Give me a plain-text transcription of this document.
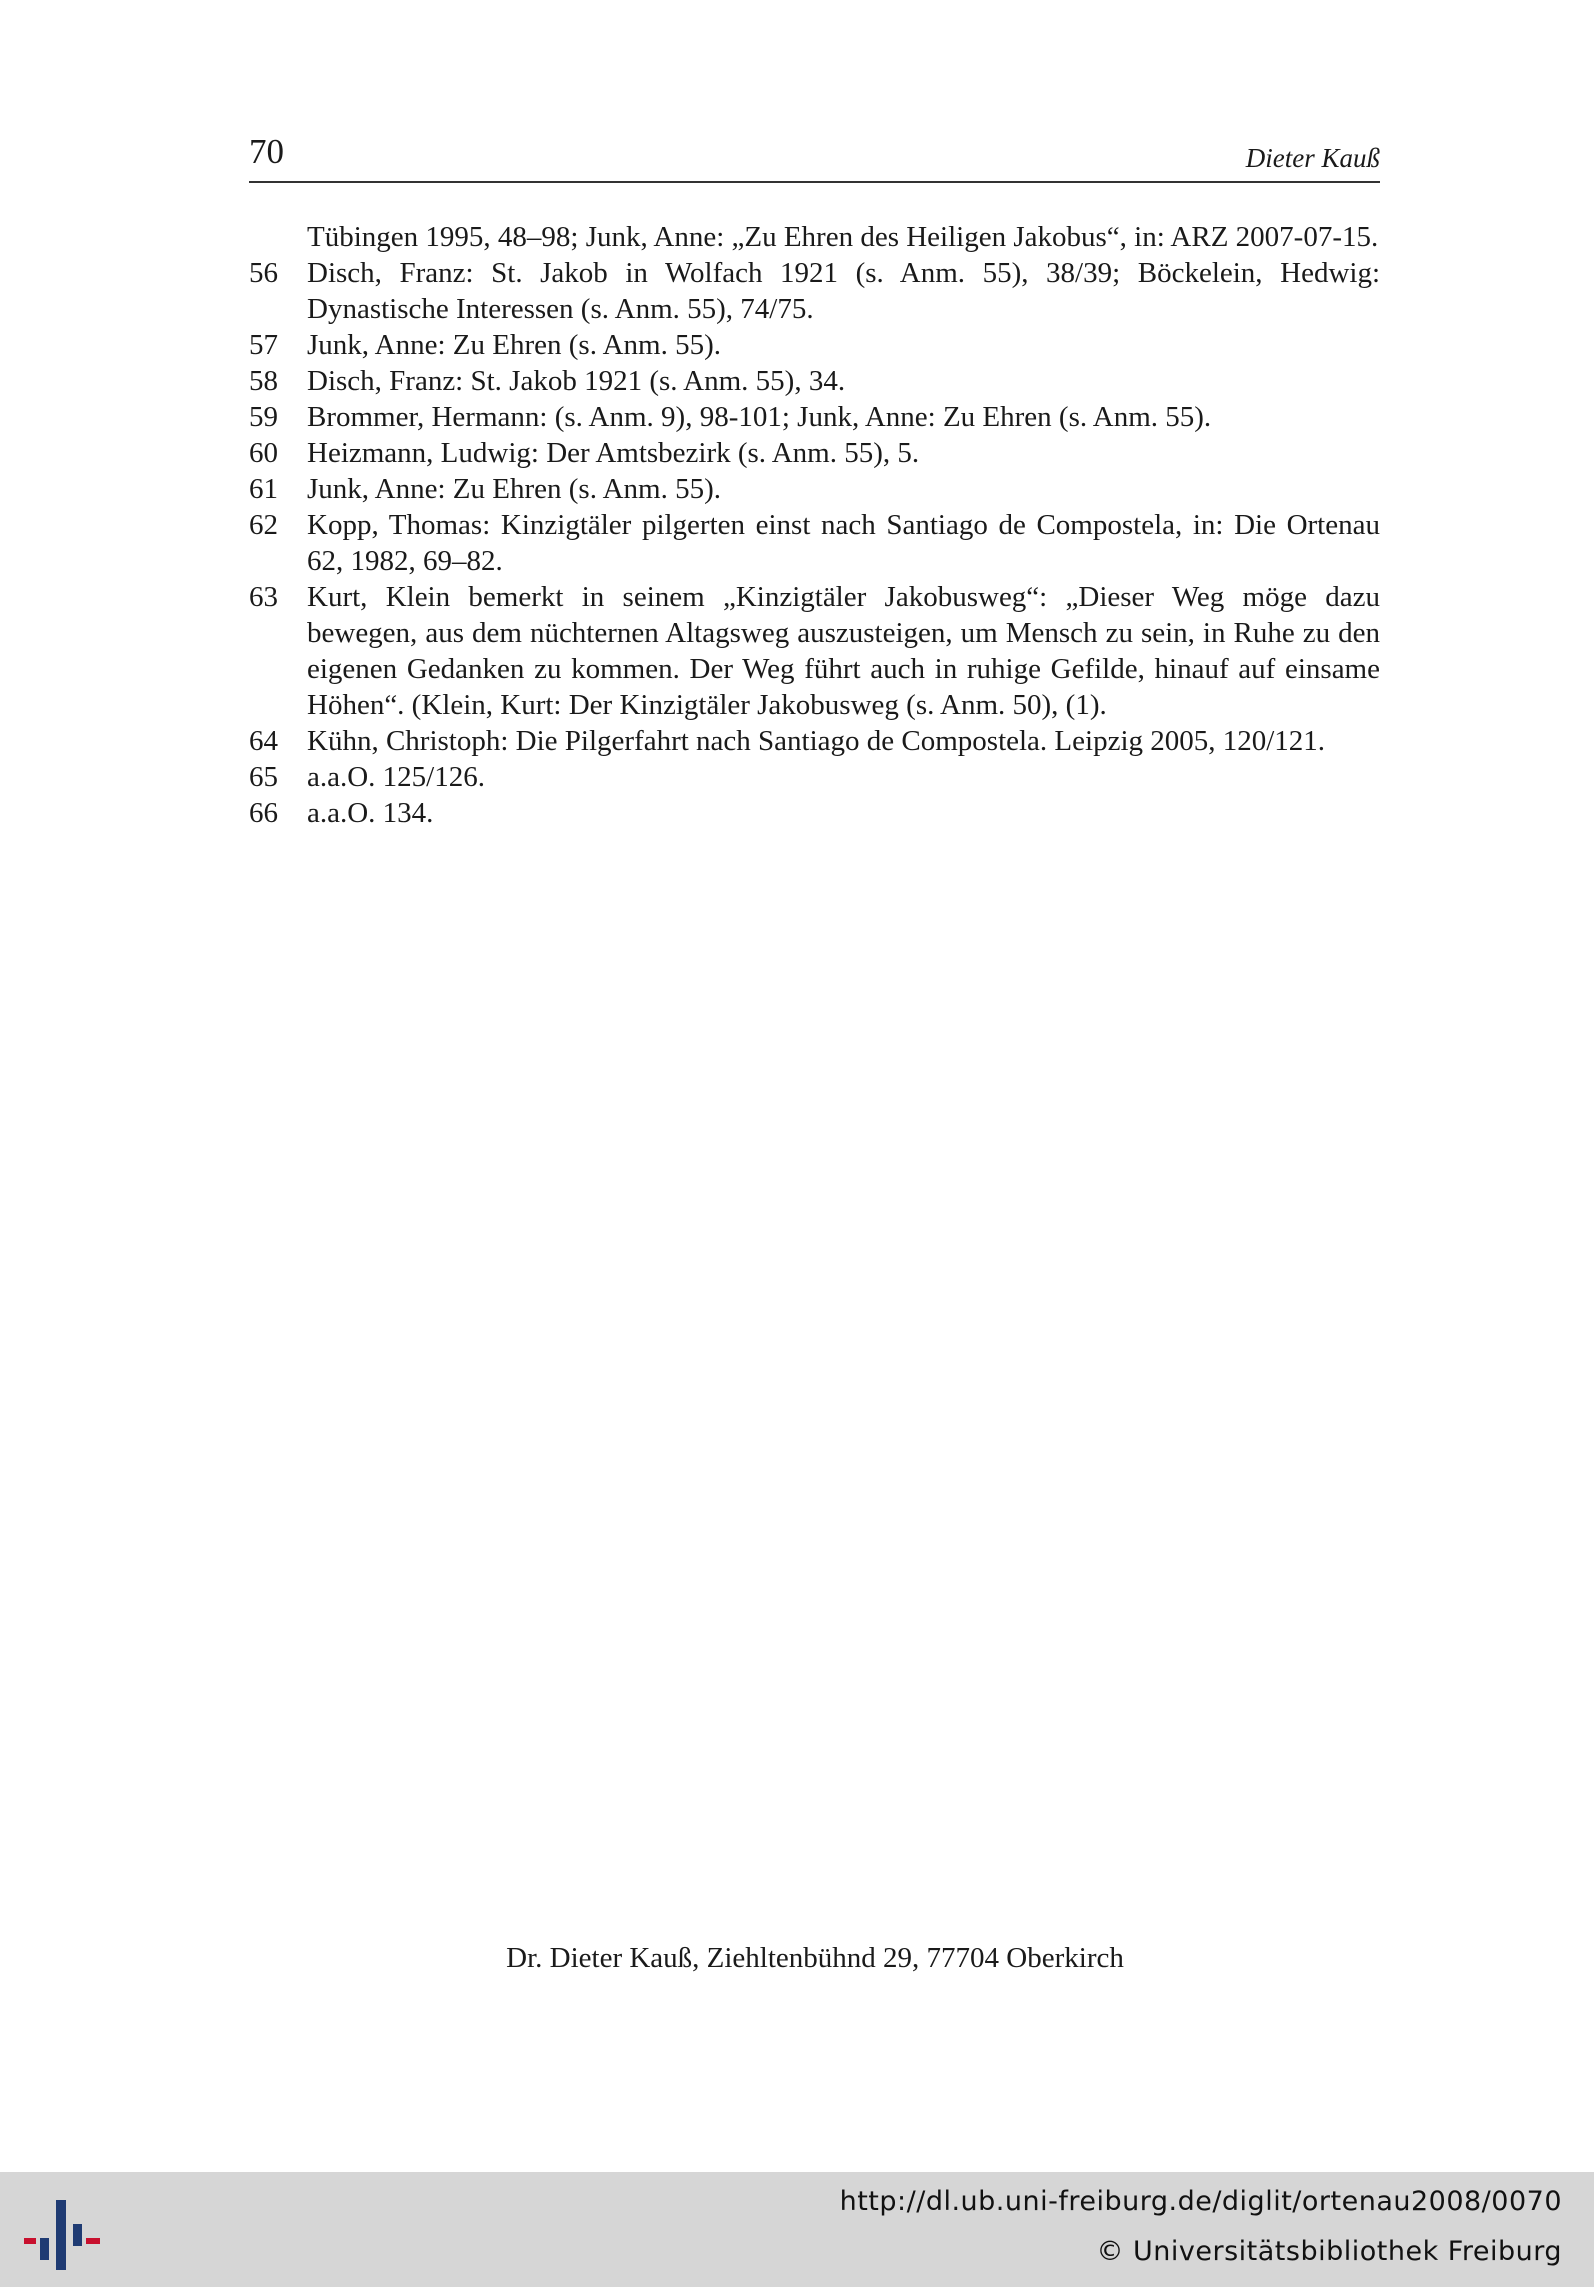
70	Dieter Kauß
Tübingen 1995, 48–98; Junk, Anne: „Zu Ehren des Heiligen Jakobus“, in: ARZ 2007-07-15.
56 Disch, Franz: St. Jakob in Wolfach 1921 (s. Anm. 55), 38/39; Böckelein, Hedwig: Dynastische Interessen (s. Anm. 55), 74/75.
57 Junk, Anne: Zu Ehren (s. Anm. 55).
58 Disch, Franz: St. Jakob 1921 (s. Anm. 55), 34.
59 Brommer, Hermann: (s. Anm. 9), 98-101; Junk, Anne: Zu Ehren (s. Anm. 55).
60 Heizmann, Ludwig: Der Amtsbezirk (s. Anm. 55), 5.
61 Junk, Anne: Zu Ehren (s. Anm. 55).
62 Kopp, Thomas: Kinzigtäler pilgerten einst nach Santiago de Compostela, in: Die Ortenau 62, 1982, 69–82.
63 Kurt, Klein bemerkt in seinem „Kinzigtäler Jakobusweg“: „Dieser Weg möge dazu bewegen, aus dem nüchternen Altagsweg auszusteigen, um Mensch zu sein, in Ruhe zu den eigenen Gedanken zu kommen. Der Weg führt auch in ruhige Gefilde, hinauf auf einsame Höhen“. (Klein, Kurt: Der Kinzigtäler Jakobusweg (s. Anm. 50), (1).
64 Kühn, Christoph: Die Pilgerfahrt nach Santiago de Compostela. Leipzig 2005, 120/121.
65 a.a.O. 125/126.
66 a.a.O. 134.
Dr. Dieter Kauß, Ziehltenbühnd 29, 77704 Oberkirch
http://dl.ub.uni-freiburg.de/diglit/ortenau2008/0070
© Universitätsbibliothek Freiburg
